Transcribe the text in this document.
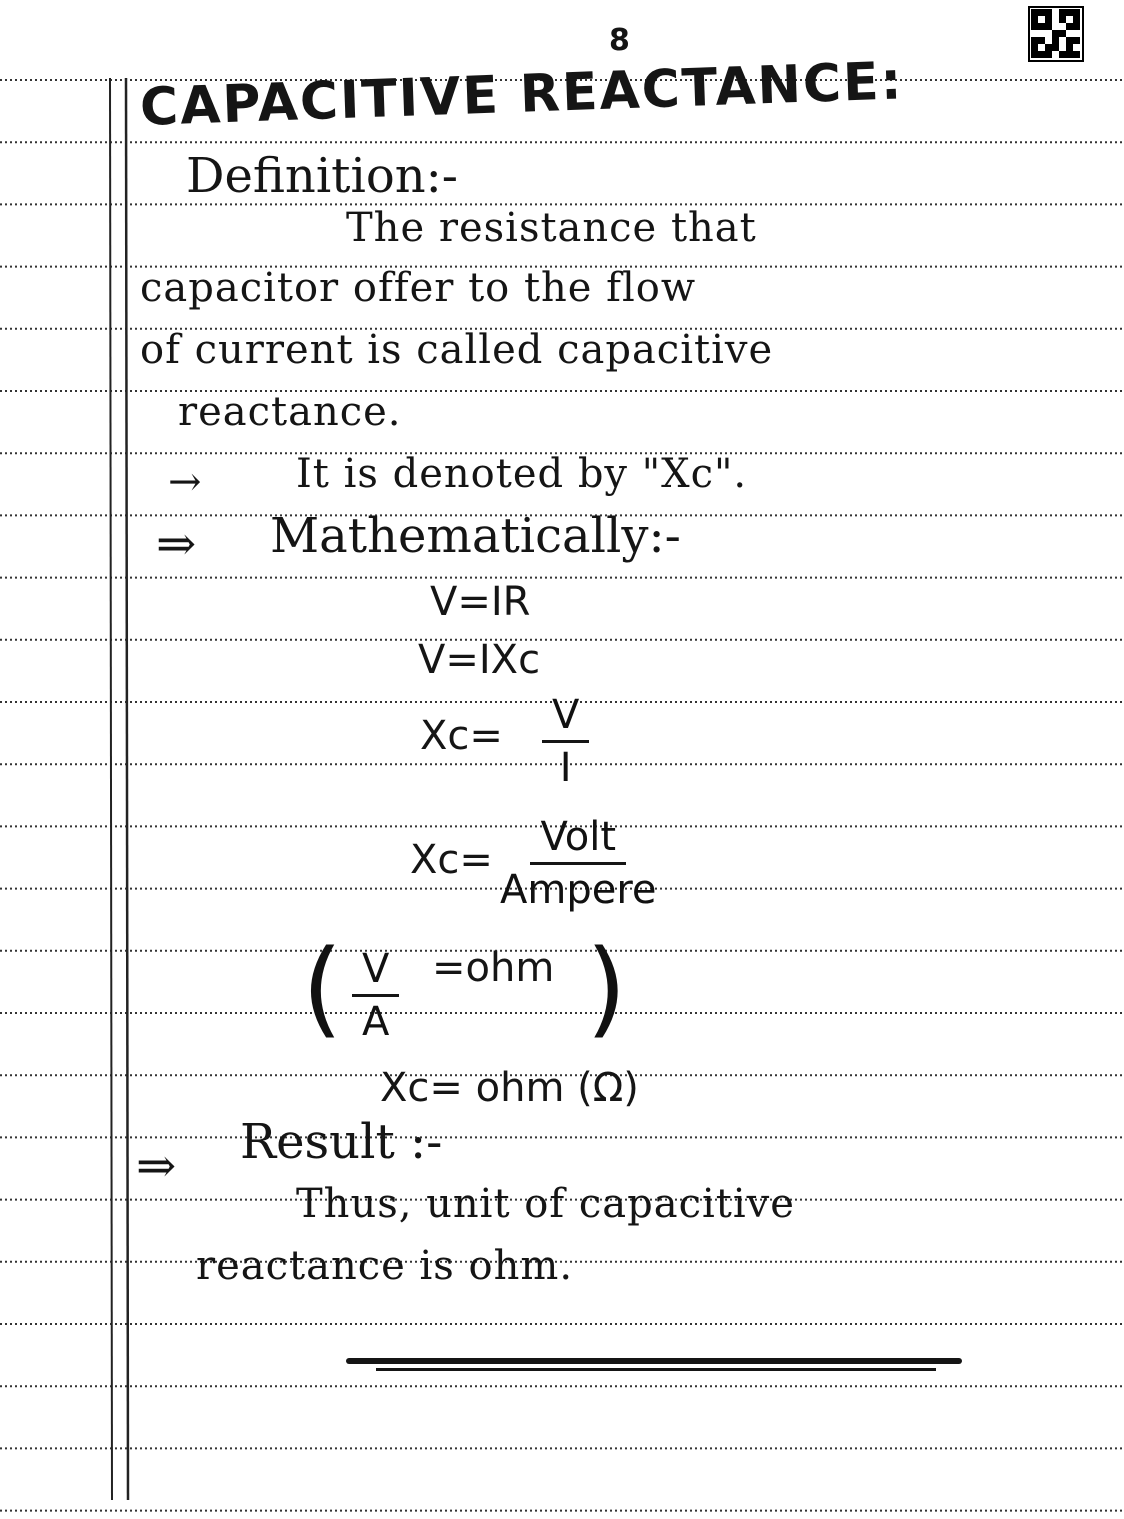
8
CAPACITIVE REACTANCE:
Definition:-
The resistance that
capacitor offer to the flow
of current is called capacitive
reactance.
→ It is denoted by "Xc".
⇒ Mathematically:-
V=IR
V=IXc
$Xc= \frac{V}{I}$
Xc= Volt
Ampere
( $\frac{V}{A} =ohm$ )
Xc= ohm (Ω)
⇒ Result :-
Thus, unit of capacitive
reactance is ohm.
